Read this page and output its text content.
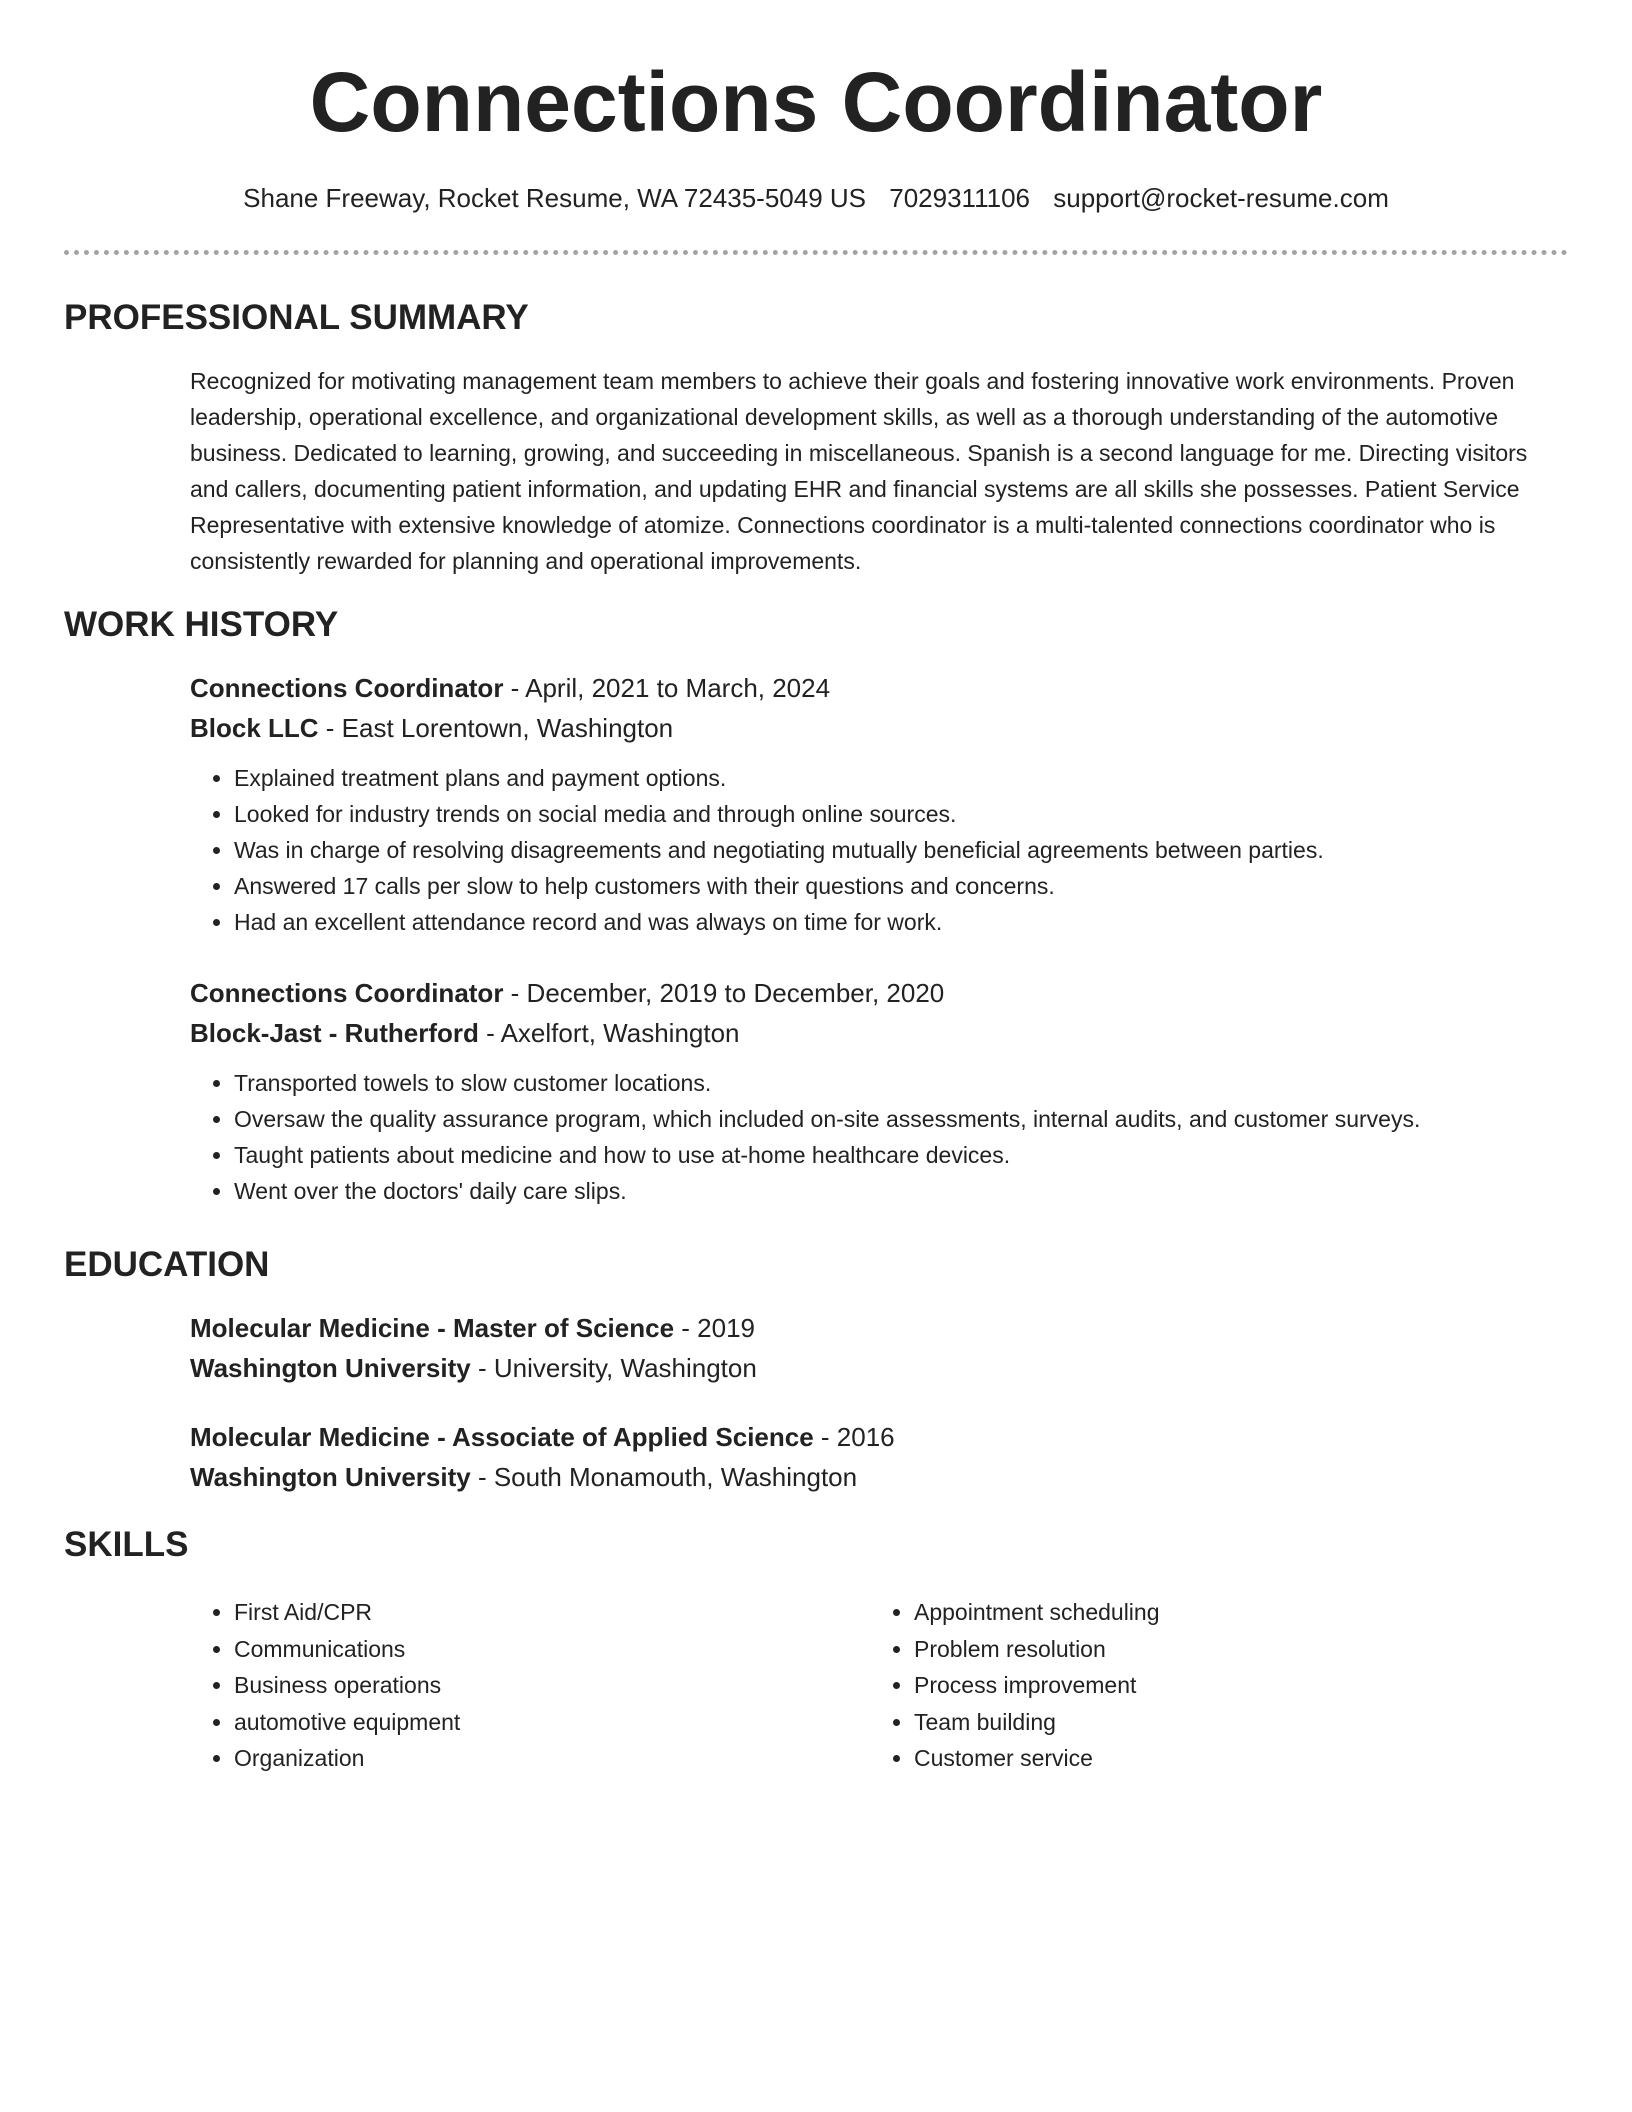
Connections Coordinator
Shane Freeway, Rocket Resume, WA 72435-5049 US 7029311106 support@rocket-resume.com
PROFESSIONAL SUMMARY

Recognized for motivating management team members to achieve their goals and fostering innovative work environments. Proven leadership, operational excellence, and organizational development skills, as well as a thorough understanding of the automotive business. Dedicated to learning, growing, and succeeding in miscellaneous. Spanish is a second language for me. Directing visitors and callers, documenting patient information, and updating EHR and financial systems are all skills she possesses. Patient Service Representative with extensive knowledge of atomize. Connections coordinator is a multi-talented connections coordinator who is consistently rewarded for planning and operational improvements.

WORK HISTORY

Connections Coordinator - April, 2021 to March, 2024

Block LLC - East Lorentown, Washington

• Explained treatment plans and payment options.
• Looked for industry trends on social media and through online sources.
• Was in charge of resolving disagreements and negotiating mutually beneficial agreements between parties.
• Answered 17 calls per slow to help customers with their questions and concerns.
• Had an excellent attendance record and was always on time for work.

Connections Coordinator - December, 2019 to December, 2020

Block-Jast - Rutherford - Axelfort, Washington

• Transported towels to slow customer locations.
• Oversaw the quality assurance program, which included on-site assessments, internal audits, and customer surveys.
• Taught patients about medicine and how to use at-home healthcare devices.
• Went over the doctors' daily care slips.
EDUCATION

Molecular Medicine - Master of Science - 2019

Washington University - University, Washington

Molecular Medicine - Associate of Applied Science - 2016

Washington University - South Monamouth, Washington

SKILLS
• First Aid/CPR
• Communications
• Business operations
• automotive equipment
• Organization
• Appointment scheduling
• Problem resolution
• Process improvement
• Team building
• Customer service
